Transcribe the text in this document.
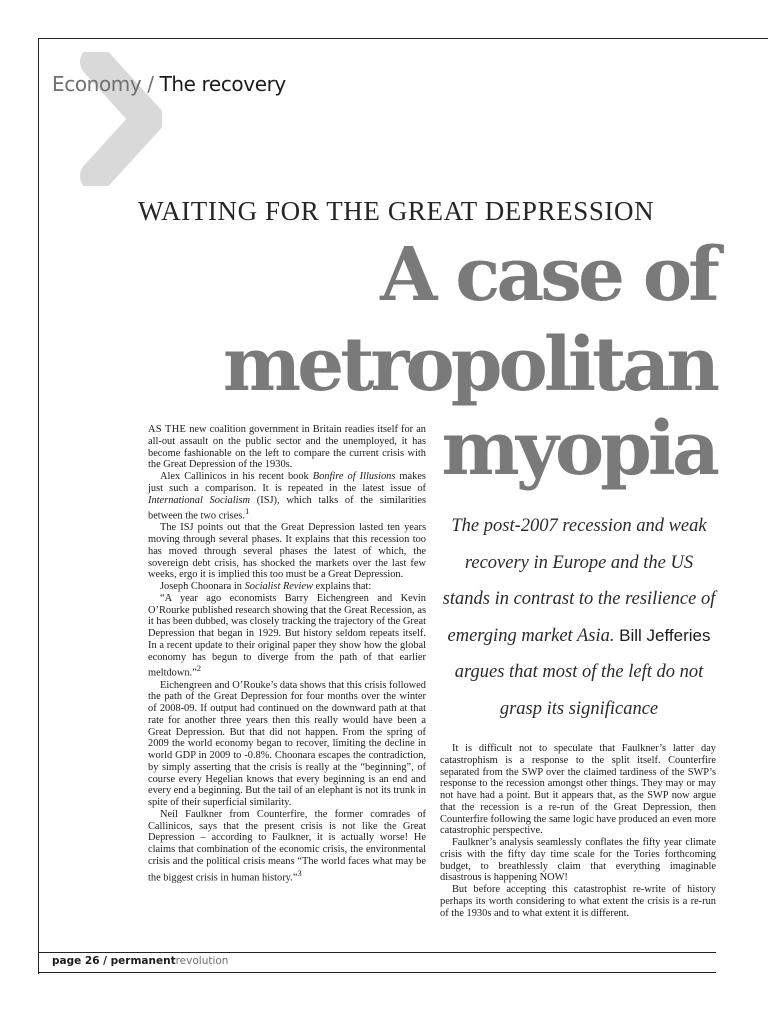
Economy / The recovery
WAITING FOR THE GREAT DEPRESSION
A case of
metropolitan
myopia

The post-2007 recession and weak recovery in Europe and the US stands in contrast to the resilience of emerging market Asia. Bill Jefferies argues that most of the left do not grasp its significance

AS THE new coalition government in Britain readies itself for an all-out assault on the public sector and the unemployed, it has become fashionable on the left to compare the current crisis with the Great Depression of the 1930s.

Alex Callinicos in his recent book Bonfire of Illusions makes just such a comparison. It is repeated in the latest issue of International Socialism (ISJ), which talks of the similarities between the two crises.$^1$

The ISJ points out that the Great Depression lasted ten years moving through several phases. It explains that this recession too has moved through several phases the latest of which, the sovereign debt crisis, has shocked the markets over the last few weeks, ergo it is implied this too must be a Great Depression.

Joseph Choonara in Socialist Review explains that:

“A year ago economists Barry Eichengreen and Kevin O’Rourke published research showing that the Great Recession, as it has been dubbed, was closely tracking the trajectory of the Great Depression that began in 1929. But history seldom repeats itself. In a recent update to their original paper they show how the global economy has begun to diverge from the path of that earlier meltdown.”$^2$

Eichengreen and O’Rouke’s data shows that this crisis followed the path of the Great Depression for four months over the winter of 2008-09. If output had continued on the downward path at that rate for another three years then this really would have been a Great Depression. But that did not happen. From the spring of 2009 the world economy began to recover, limiting the decline in world GDP in 2009 to -0.8%. Choonara escapes the contradiction, by simply asserting that the crisis is really at the “beginning”, of course every Hegelian knows that every beginning is an end and every end a beginning. But the tail of an elephant is not its trunk in spite of their superficial similarity.

Neil Faulkner from Counterfire, the former comrades of Callinicos, says that the present crisis is not like the Great Depression – according to Faulkner, it is actually worse! He claims that combination of the economic crisis, the environmental crisis and the political crisis means “The world faces what may be the biggest crisis in human history.”$^3$

It is difficult not to speculate that Faulkner’s latter day catastrophism is a response to the split itself. Counterfire separated from the SWP over the claimed tardiness of the SWP’s response to the recession amongst other things. They may or may not have had a point. But it appears that, as the SWP now argue that the recession is a re-run of the Great Depression, then Counterfire following the same logic have produced an even more catastrophic perspective.

Faulkner’s analysis seamlessly conflates the fifty year climate crisis with the fifty day time scale for the Tories forthcoming budget, to breathlessly claim that everything imaginable disastrous is happening NOW!

But before accepting this catastrophist re-write of history perhaps its worth considering to what extent the crisis is a re-run of the 1930s and to what extent it is different.

page 26 / permanentrevolution
